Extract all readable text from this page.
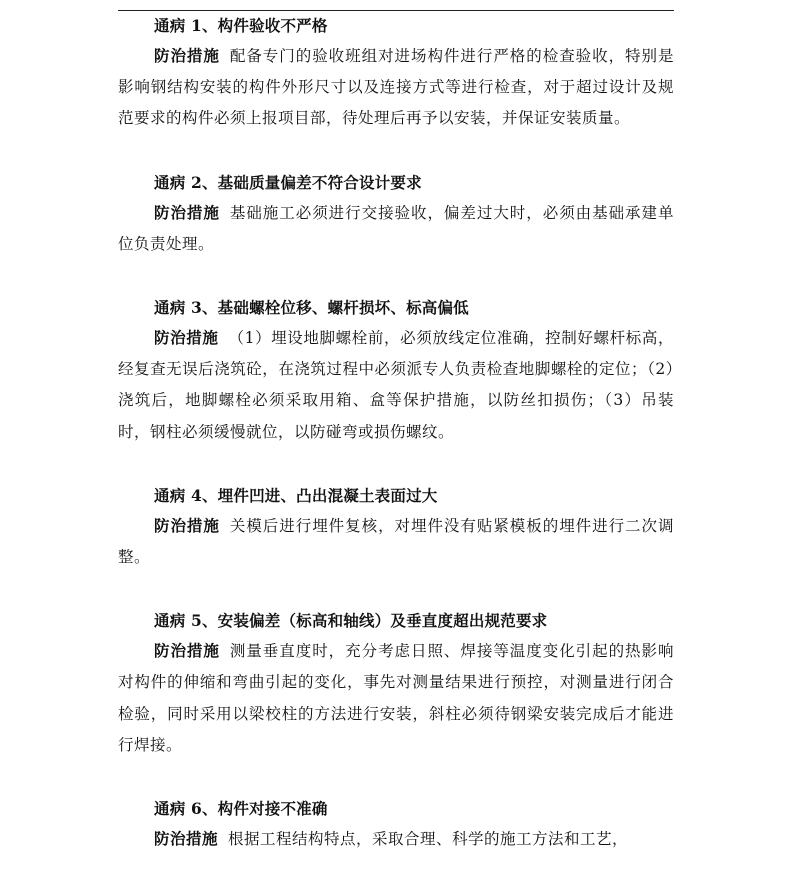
通病 1、构件验收不严格

防治措施 配备专门的验收班组对进场构件进行严格的检查验收，特别是影响钢结构安装的构件外形尺寸以及连接方式等进行检查，对于超过设计及规范要求的构件必须上报项目部，待处理后再予以安装，并保证安装质量。

通病 2、基础质量偏差不符合设计要求

防治措施 基础施工必须进行交接验收，偏差过大时，必须由基础承建单位负责处理。

通病 3、基础螺栓位移、螺杆损坏、标高偏低

防治措施 （1）埋设地脚螺栓前，必须放线定位准确，控制好螺杆标高，经复查无误后浇筑砼，在浇筑过程中必须派专人负责检查地脚螺栓的定位；（2）浇筑后，地脚螺栓必须采取用箱、盒等保护措施，以防丝扣损伤；（3）吊装时，钢柱必须缓慢就位，以防碰弯或损伤螺纹。

通病 4、埋件凹进、凸出混凝土表面过大

防治措施 关模后进行埋件复核，对埋件没有贴紧模板的埋件进行二次调整。

通病 5、安装偏差（标高和轴线）及垂直度超出规范要求

防治措施 测量垂直度时，充分考虑日照、焊接等温度变化引起的热影响对构件的伸缩和弯曲引起的变化，事先对测量结果进行预控，对测量进行闭合检验，同时采用以梁校柱的方法进行安装，斜柱必须待钢梁安装完成后才能进行焊接。

通病 6、构件对接不准确

防治措施 根据工程结构特点，采取合理、科学的施工方法和工艺，
